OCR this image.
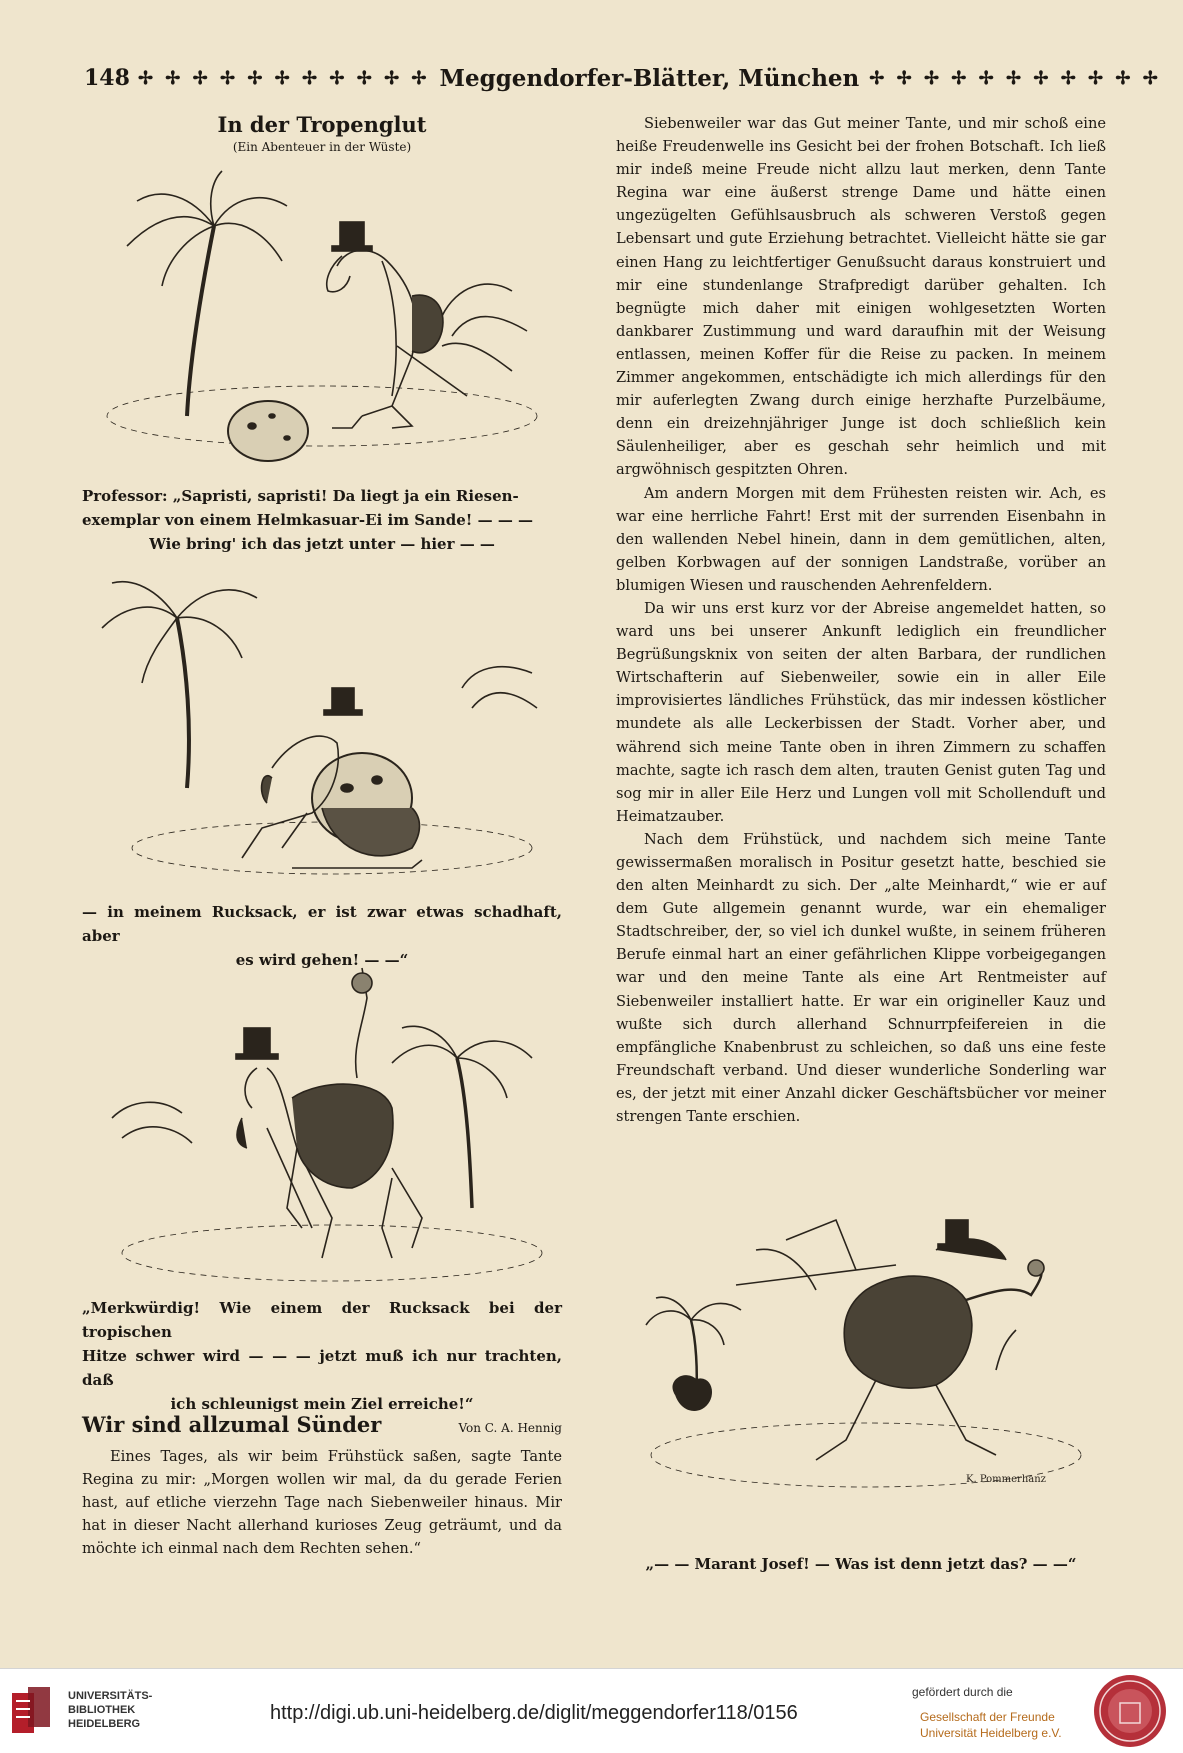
148 ✢ ✢ ✢ ✢ ✢ ✢ ✢ ✢ ✢ ✢ ✢ Meggendorfer-Blätter, München ✢ ✢ ✢ ✢ ✢ ✢ ✢ ✢ ✢ ✢ ✢
In der Tropenglut
(Ein Abenteuer in der Wüste)

Professor: „Sapristi, sapristi! Da liegt ja ein Riesen-

exemplar von einem Helmkasuar-Ei im Sande! — — —

Wie bring' ich das jetzt unter — hier — —

— in meinem Rucksack, er ist zwar etwas schadhaft, aber

es wird gehen! — —“

„Merkwürdig! Wie einem der Rucksack bei der tropischen

Hitze schwer wird — — — jetzt muß ich nur trachten, daß

ich schleunigst mein Ziel erreiche!“

Wir sind allzumal Sünder	Von C. A. Hennig

Eines Tages, als wir beim Frühstück saßen, sagte Tante Regina zu mir: „Morgen wollen wir mal, da du gerade Ferien hast, auf etliche vierzehn Tage nach Siebenweiler hinaus. Mir hat in dieser Nacht allerhand kurioses Zeug geträumt, und da möchte ich einmal nach dem Rechten sehen.“

Siebenweiler war das Gut meiner Tante, und mir schoß eine heiße Freudenwelle ins Gesicht bei der frohen Botschaft. Ich ließ mir indeß meine Freude nicht allzu laut merken, denn Tante Regina war eine äußerst strenge Dame und hätte einen ungezügelten Gefühlsausbruch als schweren Verstoß gegen Lebensart und gute Erziehung betrachtet. Vielleicht hätte sie gar einen Hang zu leichtfertiger Genußsucht daraus konstruiert und mir eine stundenlange Strafpredigt darüber gehalten. Ich begnügte mich daher mit einigen wohlgesetzten Worten dankbarer Zustimmung und ward daraufhin mit der Weisung entlassen, meinen Koffer für die Reise zu packen. In meinem Zimmer angekommen, entschädigte ich mich allerdings für den mir auferlegten Zwang durch einige herzhafte Purzelbäume, denn ein dreizehnjähriger Junge ist doch schließlich kein Säulenheiliger, aber es geschah sehr heimlich und mit argwöhnisch gespitzten Ohren.

Am andern Morgen mit dem Frühesten reisten wir. Ach, es war eine herrliche Fahrt! Erst mit der surrenden Eisenbahn in den wallenden Nebel hinein, dann in dem gemütlichen, alten, gelben Korbwagen auf der sonnigen Landstraße, vorüber an blumigen Wiesen und rauschenden Aehrenfeldern.

Da wir uns erst kurz vor der Abreise angemeldet hatten, so ward uns bei unserer Ankunft lediglich ein freundlicher Begrüßungsknix von seiten der alten Barbara, der rundlichen Wirtschafterin auf Siebenweiler, sowie ein in aller Eile improvisiertes ländliches Frühstück, das mir indessen köstlicher mundete als alle Leckerbissen der Stadt. Vorher aber, und während sich meine Tante oben in ihren Zimmern zu schaffen machte, sagte ich rasch dem alten, trauten Genist guten Tag und sog mir in aller Eile Herz und Lungen voll mit Schollenduft und Heimatzauber.

Nach dem Frühstück, und nachdem sich meine Tante gewissermaßen moralisch in Positur gesetzt hatte, beschied sie den alten Meinhardt zu sich. Der „alte Meinhardt,“ wie er auf dem Gute allgemein genannt wurde, war ein ehemaliger Stadtschreiber, der, so viel ich dunkel wußte, in seinem früheren Berufe einmal hart an einer gefährlichen Klippe vorbeigegangen war und den meine Tante als eine Art Rentmeister auf Siebenweiler installiert hatte. Er war ein origineller Kauz und wußte sich durch allerhand Schnurrpfeifereien in die empfängliche Knabenbrust zu schleichen, so daß uns eine feste Freundschaft verband. Und dieser wunderliche Sonderling war es, der jetzt mit einer Anzahl dicker Geschäftsbücher vor meiner strengen Tante erschien.

K. Pommerhanz
„— — Marant Josef! — Was ist denn jetzt das? — —“
UNIVERSITÄTS-
BIBLIOTHEK
HEIDELBERG	http://digi.ub.uni-heidelberg.de/diglit/meggendorfer118/0156
gefördert durch die
Gesellschaft der Freunde
Universität Heidelberg e.V.
